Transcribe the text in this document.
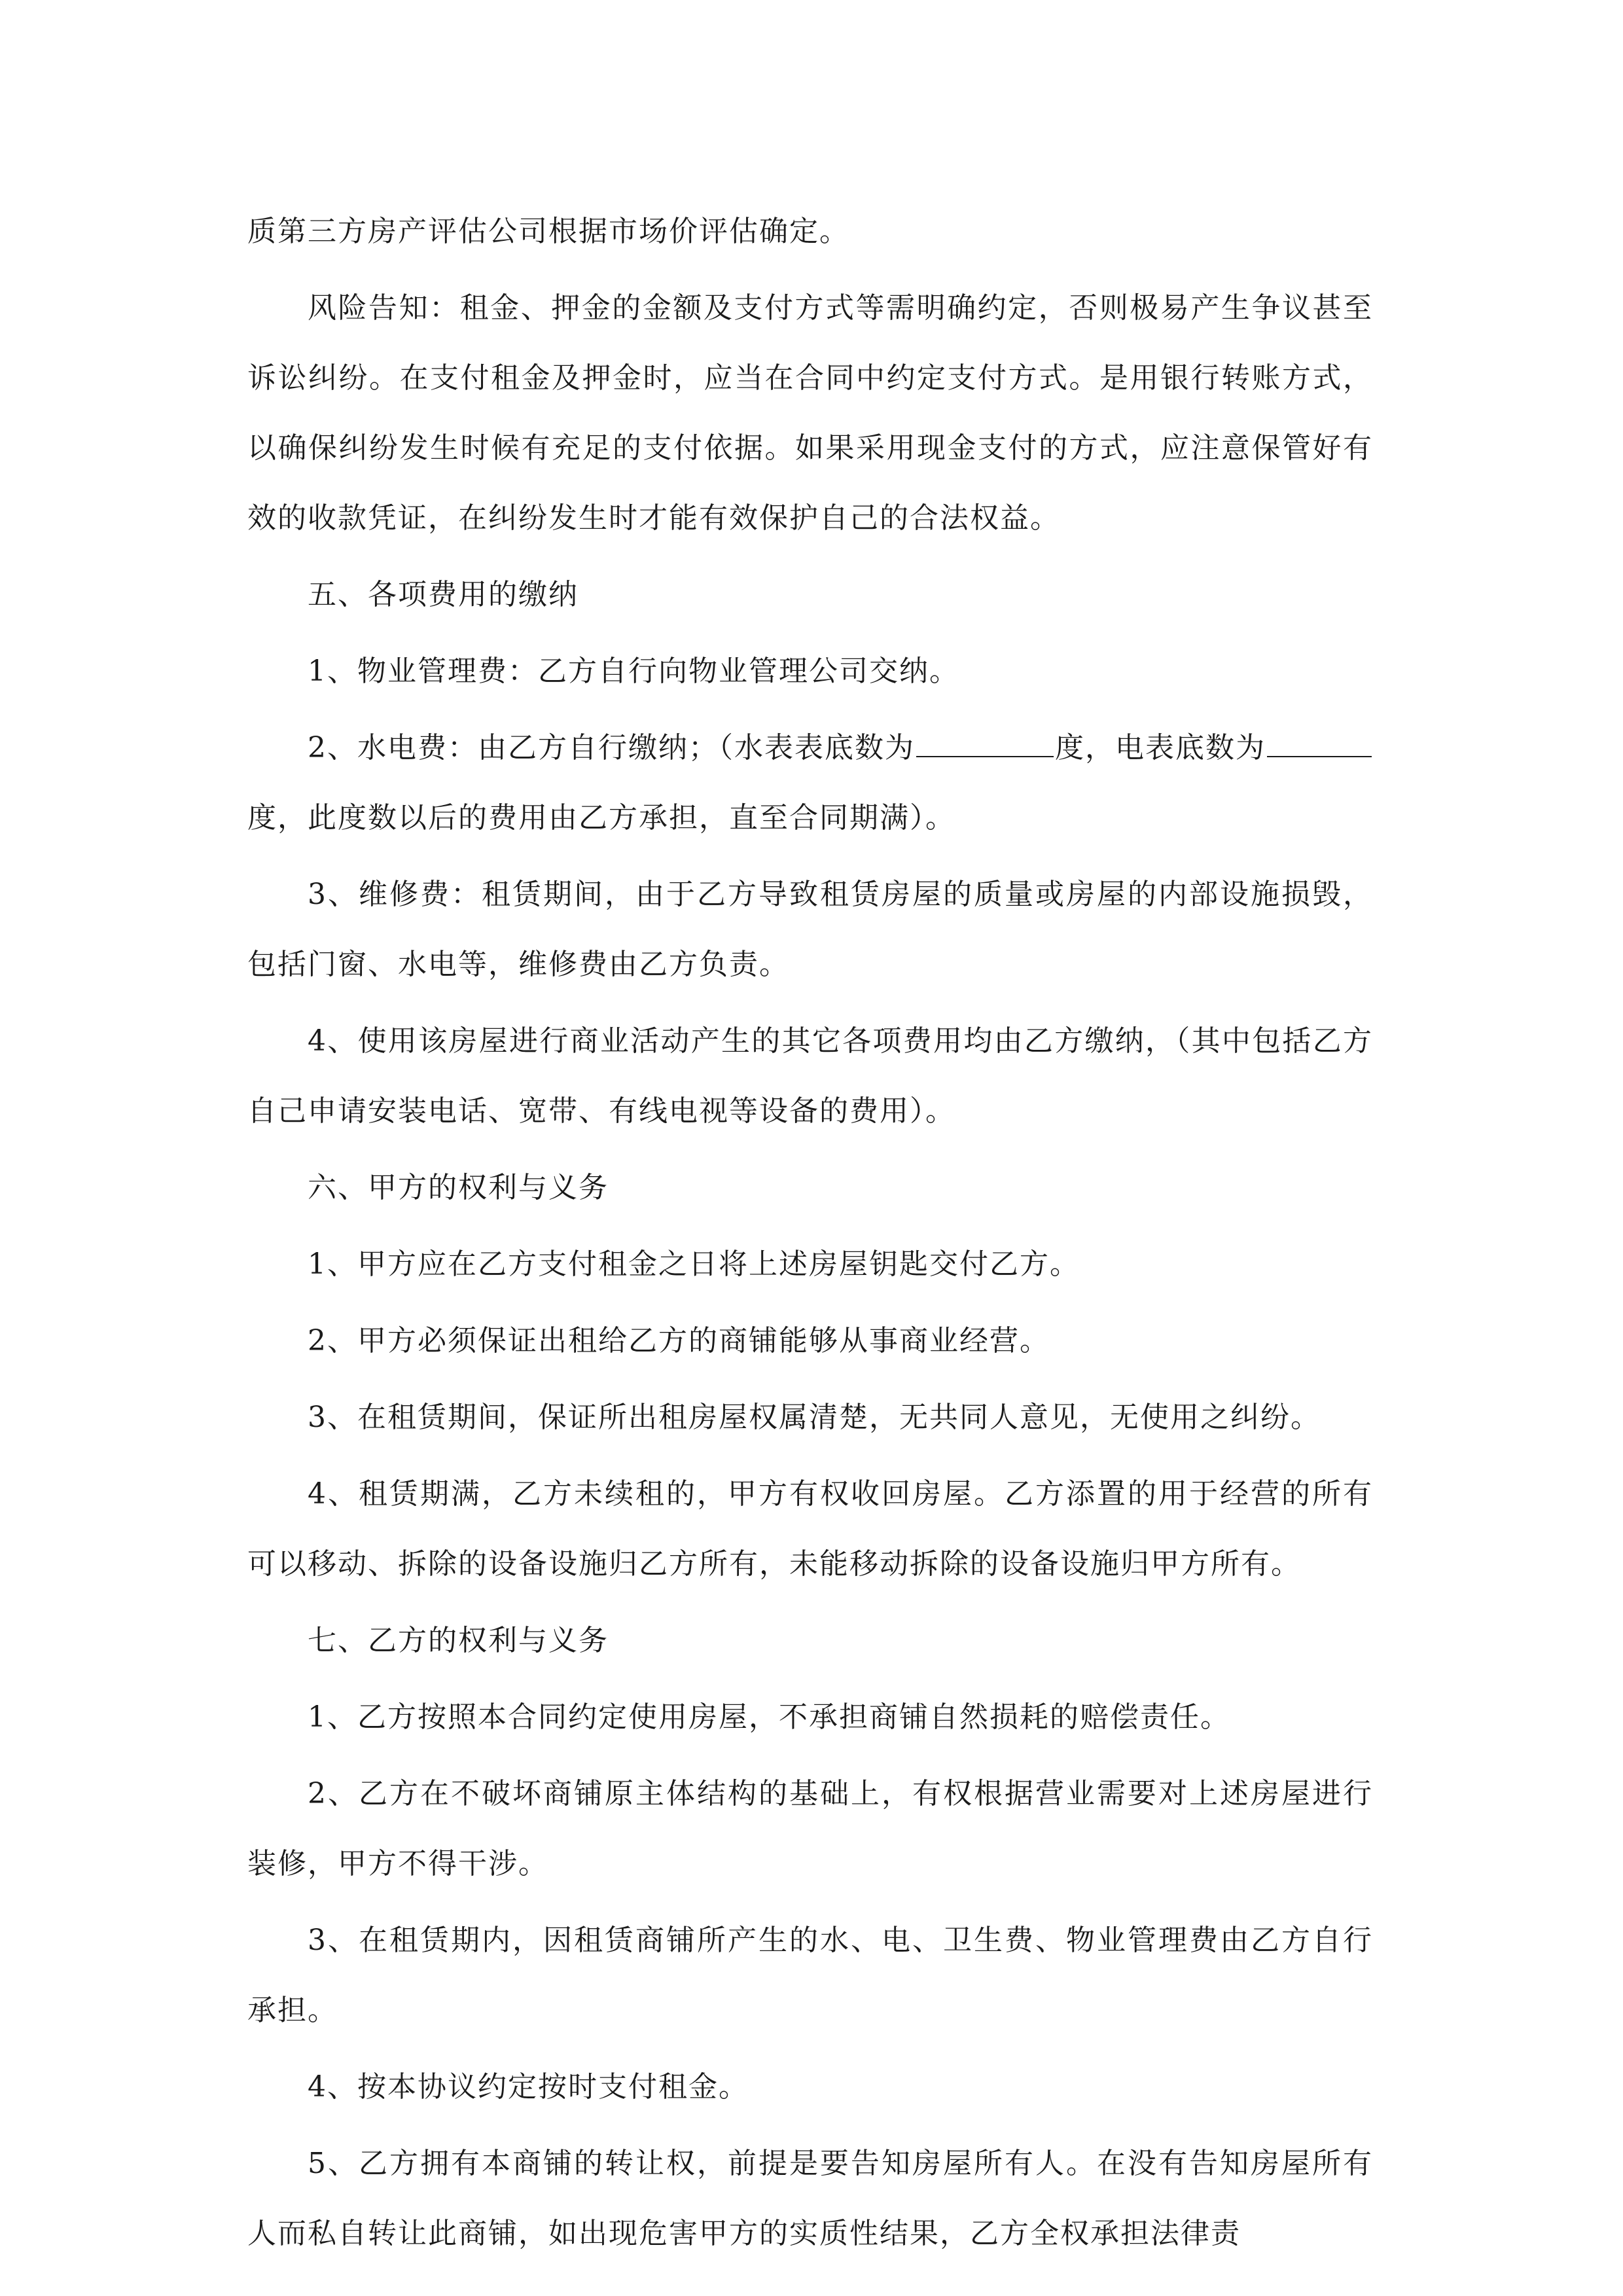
质第三方房产评估公司根据市场价评估确定。

风险告知：租金、押金的金额及支付方式等需明确约定，否则极易产生争议甚至诉讼纠纷。在支付租金及押金时，应当在合同中约定支付方式。是用银行转账方式，以确保纠纷发生时候有充足的支付依据。如果采用现金支付的方式，应注意保管好有效的收款凭证，在纠纷发生时才能有效保护自己的合法权益。

五、各项费用的缴纳

1、物业管理费：乙方自行向物业管理公司交纳。

2、水电费：由乙方自行缴纳；（水表表底数为	度，电表底数为度，此度数以后的费用由乙方承担，直至合同期满）。

3、维修费：租赁期间，由于乙方导致租赁房屋的质量或房屋的内部设施损毁，包括门窗、水电等，维修费由乙方负责。

4、使用该房屋进行商业活动产生的其它各项费用均由乙方缴纳，（其中包括乙方自己申请安装电话、宽带、有线电视等设备的费用）。

六、甲方的权利与义务

1、甲方应在乙方支付租金之日将上述房屋钥匙交付乙方。

2、甲方必须保证出租给乙方的商铺能够从事商业经营。

3、在租赁期间，保证所出租房屋权属清楚，无共同人意见，无使用之纠纷。

4、租赁期满，乙方未续租的，甲方有权收回房屋。乙方添置的用于经营的所有可以移动、拆除的设备设施归乙方所有，未能移动拆除的设备设施归甲方所有。

七、乙方的权利与义务

1、乙方按照本合同约定使用房屋，不承担商铺自然损耗的赔偿责任。

2、乙方在不破坏商铺原主体结构的基础上，有权根据营业需要对上述房屋进行装修，甲方不得干涉。

3、在租赁期内，因租赁商铺所产生的水、电、卫生费、物业管理费由乙方自行承担。

4、按本协议约定按时支付租金。

5、乙方拥有本商铺的转让权，前提是要告知房屋所有人。在没有告知房屋所有人而私自转让此商铺，如出现危害甲方的实质性结果，乙方全权承担法律责
